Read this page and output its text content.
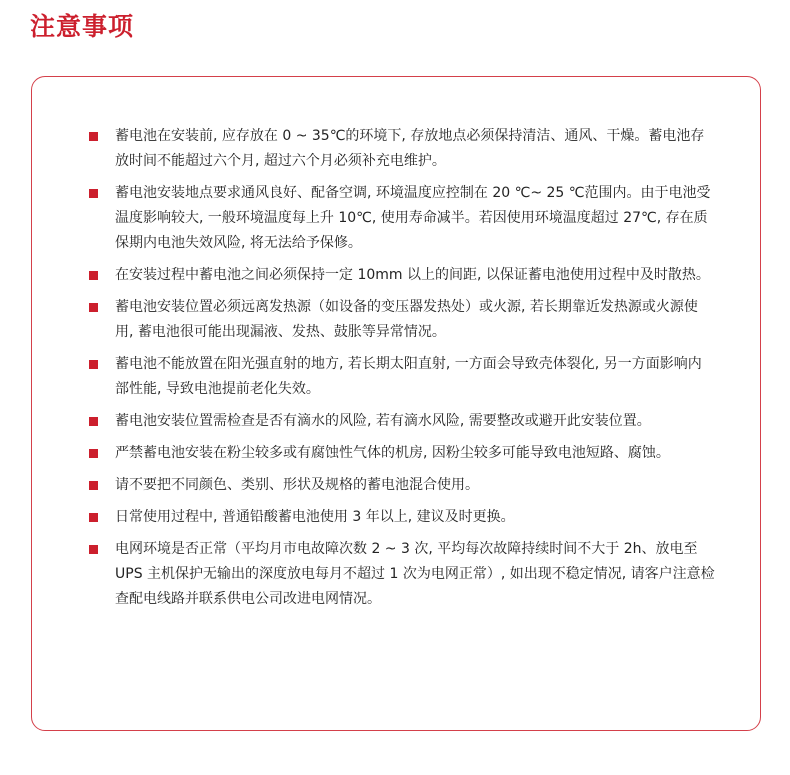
注意事项
蓄电池在安装前, 应存放在 0 ~ 35℃的环境下, 存放地点必须保持清洁、通风、干燥。蓄电池存放时间不能超过六个月, 超过六个月必须补充电维护。
蓄电池安装地点要求通风良好、配备空调, 环境温度应控制在 20 ℃~ 25 ℃范围内。由于电池受温度影响较大, 一般环境温度每上升 10℃, 使用寿命减半。若因使用环境温度超过 27℃, 存在质保期内电池失效风险, 将无法给予保修。
在安装过程中蓄电池之间必须保持一定 10mm 以上的间距, 以保证蓄电池使用过程中及时散热。
蓄电池安装位置必须远离发热源（如设备的变压器发热处）或火源, 若长期靠近发热源或火源使用, 蓄电池很可能出现漏液、发热、鼓胀等异常情况。
蓄电池不能放置在阳光强直射的地方, 若长期太阳直射, 一方面会导致壳体裂化, 另一方面影响内部性能, 导致电池提前老化失效。
蓄电池安装位置需检查是否有滴水的风险, 若有滴水风险, 需要整改或避开此安装位置。
严禁蓄电池安装在粉尘较多或有腐蚀性气体的机房, 因粉尘较多可能导致电池短路、腐蚀。
请不要把不同颜色、类别、形状及规格的蓄电池混合使用。
日常使用过程中, 普通铅酸蓄电池使用 3 年以上, 建议及时更换。
电网环境是否正常（平均月市电故障次数 2 ~ 3 次, 平均每次故障持续时间不大于 2h、放电至 UPS 主机保护无输出的深度放电每月不超过 1 次为电网正常）, 如出现不稳定情况, 请客户注意检查配电线路并联系供电公司改进电网情况。
